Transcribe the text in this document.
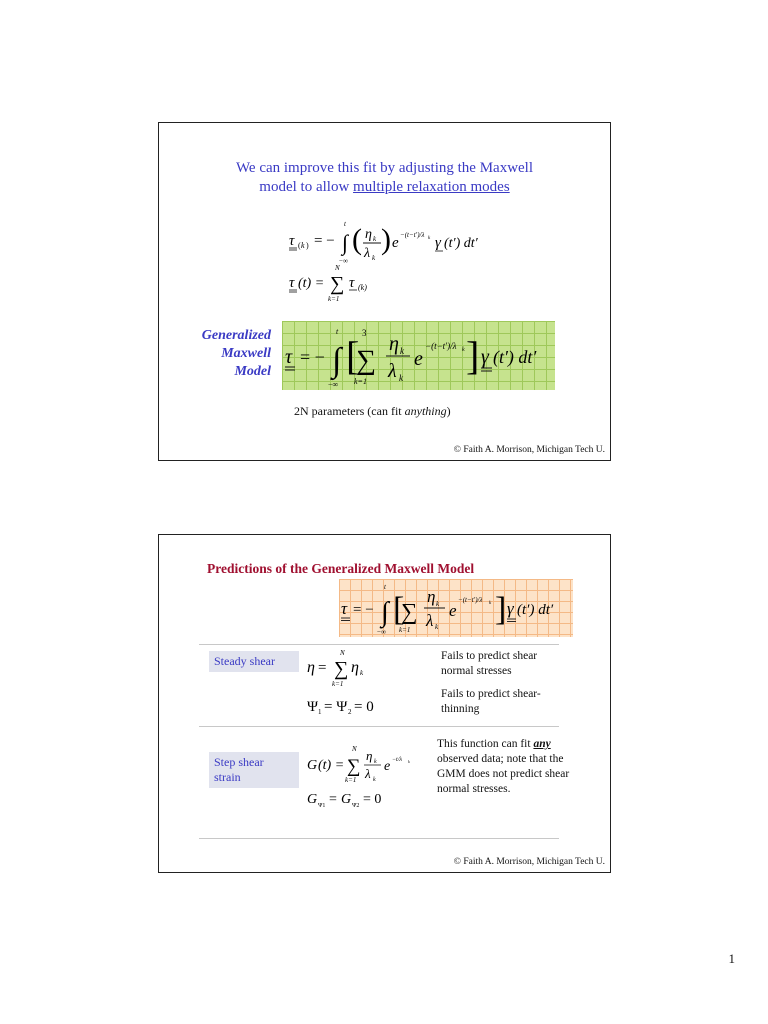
We can improve this fit by adjusting the Maxwell
model to allow multiple relaxation modes
τ ( k ) = − ∫
t
−∞
( η k
λ k
) e −(t−t′)/λ k γ (t′) dt′
τ (t) =
N
∑
k=1
τ (k)
Generalized
Maxwell
Model
τ = − ∫
t
−∞
[ 3
∑
k=1
η k
λ k
e
−(t−t′)/λ k ] γ (t′) dt′
2N parameters (can fit anything)
© Faith A. Morrison, Michigan Tech U.
Predictions of the Generalized Maxwell Model
τ = − ∫
t
−∞
[
∑
k=1
η k
λ k
e
−(t−t′)/λ k ] γ (t′) dt′
Steady shear	η =
N
∑
k=1
η k
Ψ 1 = Ψ 2 = 0
Fails to predict shear normal stresses
Fails to predict shear-thinning
Step shear
strain
G (t) =
N
∑
k=1
η k
λ k
e −t/λ k
G Ψ1 = G Ψ2 = 0
This function can fit any observed data; note that the GMM does not predict shear normal stresses.
© Faith A. Morrison, Michigan Tech U.
1
